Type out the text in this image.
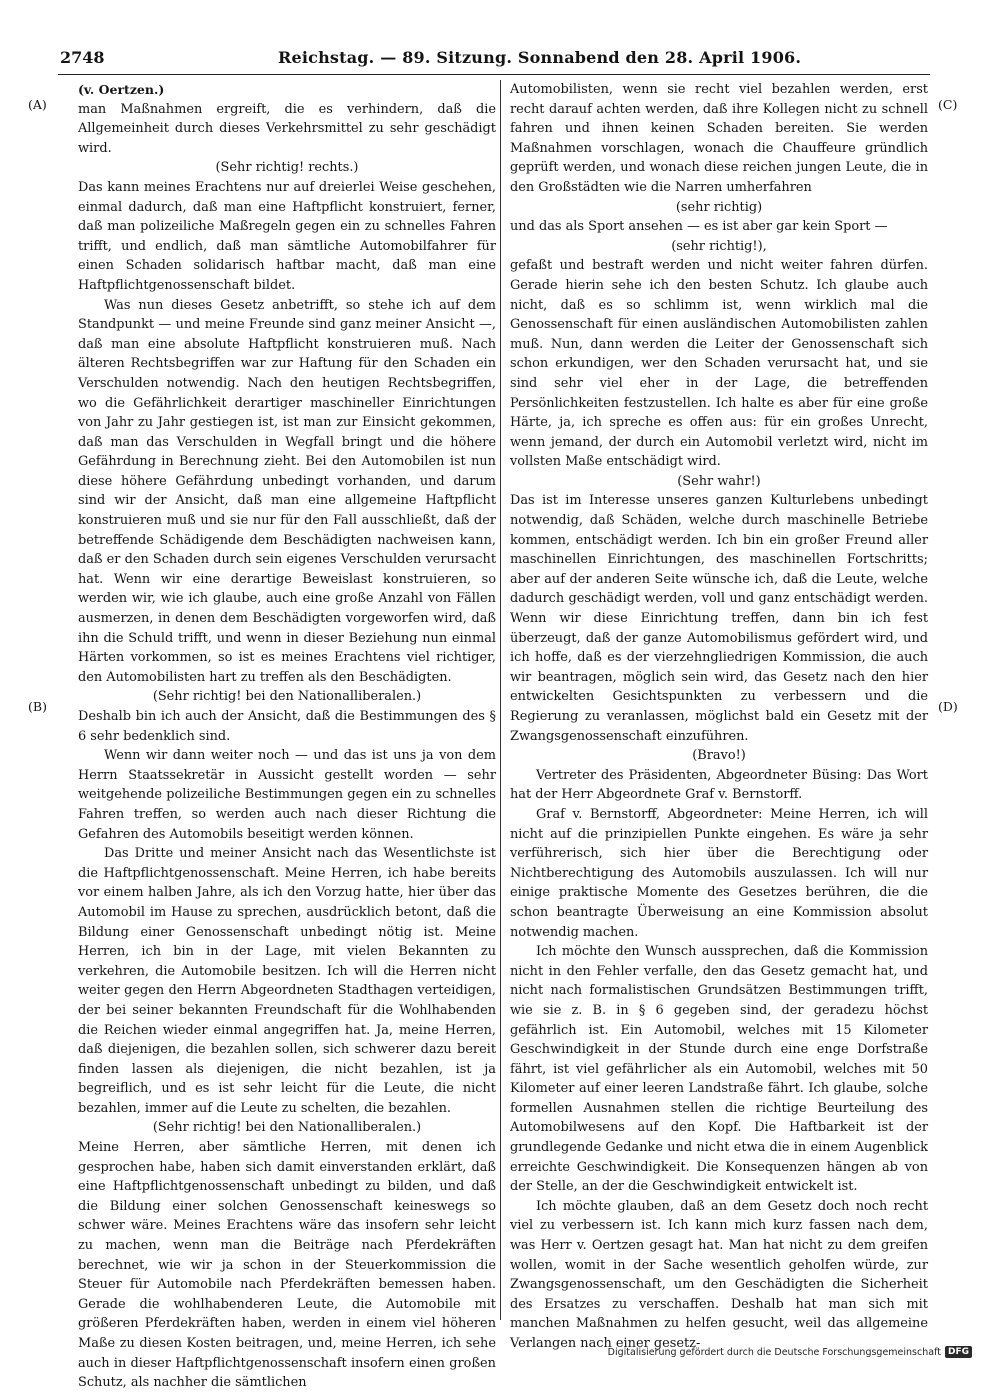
2748	Reichstag. — 89. Sitzung. Sonnabend den 28. April 1906.
(A)
(B)
(C)
(D)

(v. Oertzen.)

man Maßnahmen ergreift, die es verhindern, daß die Allgemeinheit durch dieses Verkehrsmittel zu sehr geschädigt wird.

(Sehr richtig! rechts.)

Das kann meines Erachtens nur auf dreierlei Weise geschehen, einmal dadurch, daß man eine Haftpflicht konstruiert, ferner, daß man polizeiliche Maßregeln gegen ein zu schnelles Fahren trifft, und endlich, daß man sämtliche Automobilfahrer für einen Schaden solidarisch haftbar macht, daß man eine Haftpflichtgenossenschaft bildet.

Was nun dieses Gesetz anbetrifft, so stehe ich auf dem Standpunkt — und meine Freunde sind ganz meiner Ansicht —, daß man eine absolute Haftpflicht konstruieren muß. Nach älteren Rechtsbegriffen war zur Haftung für den Schaden ein Verschulden notwendig. Nach den heutigen Rechtsbegriffen, wo die Gefährlichkeit derartiger maschineller Einrichtungen von Jahr zu Jahr gestiegen ist, ist man zur Einsicht gekommen, daß man das Verschulden in Wegfall bringt und die höhere Gefährdung in Berechnung zieht. Bei den Automobilen ist nun diese höhere Gefährdung unbedingt vorhanden, und darum sind wir der Ansicht, daß man eine allgemeine Haftpflicht konstruieren muß und sie nur für den Fall ausschließt, daß der betreffende Schädigende dem Beschädigten nachweisen kann, daß er den Schaden durch sein eigenes Verschulden verursacht hat. Wenn wir eine derartige Beweislast konstruieren, so werden wir, wie ich glaube, auch eine große Anzahl von Fällen ausmerzen, in denen dem Beschädigten vorgeworfen wird, daß ihn die Schuld trifft, und wenn in dieser Beziehung nun einmal Härten vorkommen, so ist es meines Erachtens viel richtiger, den Automobilisten hart zu treffen als den Beschädigten.

(Sehr richtig! bei den Nationalliberalen.)

Deshalb bin ich auch der Ansicht, daß die Bestimmungen des § 6 sehr bedenklich sind.

Wenn wir dann weiter noch — und das ist uns ja von dem Herrn Staatssekretär in Aussicht gestellt worden — sehr weitgehende polizeiliche Bestimmungen gegen ein zu schnelles Fahren treffen, so werden auch nach dieser Richtung die Gefahren des Automobils beseitigt werden können.

Das Dritte und meiner Ansicht nach das Wesentlichste ist die Haftpflichtgenossenschaft. Meine Herren, ich habe bereits vor einem halben Jahre, als ich den Vorzug hatte, hier über das Automobil im Hause zu sprechen, ausdrücklich betont, daß die Bildung einer Genossenschaft unbedingt nötig ist. Meine Herren, ich bin in der Lage, mit vielen Bekannten zu verkehren, die Automobile besitzen. Ich will die Herren nicht weiter gegen den Herrn Abgeordneten Stadthagen verteidigen, der bei seiner bekannten Freundschaft für die Wohlhabenden die Reichen wieder einmal angegriffen hat. Ja, meine Herren, daß diejenigen, die bezahlen sollen, sich schwerer dazu bereit finden lassen als diejenigen, die nicht bezahlen, ist ja begreiflich, und es ist sehr leicht für die Leute, die nicht bezahlen, immer auf die Leute zu schelten, die bezahlen.

(Sehr richtig! bei den Nationalliberalen.)

Meine Herren, aber sämtliche Herren, mit denen ich gesprochen habe, haben sich damit einverstanden erklärt, daß eine Haftpflichtgenossenschaft unbedingt zu bilden, und daß die Bildung einer solchen Genossenschaft keineswegs so schwer wäre. Meines Erachtens wäre das insofern sehr leicht zu machen, wenn man die Beiträge nach Pferdekräften berechnet, wie wir ja schon in der Steuerkommission die Steuer für Automobile nach Pferdekräften bemessen haben. Gerade die wohlhabenderen Leute, die Automobile mit größeren Pferdekräften haben, werden in einem viel höheren Maße zu diesen Kosten beitragen, und, meine Herren, ich sehe auch in dieser Haftpflichtgenossenschaft insofern einen großen Schutz, als nachher die sämtlichen

Automobilisten, wenn sie recht viel bezahlen werden, erst recht darauf achten werden, daß ihre Kollegen nicht zu schnell fahren und ihnen keinen Schaden bereiten. Sie werden Maßnahmen vorschlagen, wonach die Chauffeure gründlich geprüft werden, und wonach diese reichen jungen Leute, die in den Großstädten wie die Narren umherfahren

(sehr richtig)

und das als Sport ansehen — es ist aber gar kein Sport —

(sehr richtig!),

gefaßt und bestraft werden und nicht weiter fahren dürfen. Gerade hierin sehe ich den besten Schutz. Ich glaube auch nicht, daß es so schlimm ist, wenn wirklich mal die Genossenschaft für einen ausländischen Automobilisten zahlen muß. Nun, dann werden die Leiter der Genossenschaft sich schon erkundigen, wer den Schaden verursacht hat, und sie sind sehr viel eher in der Lage, die betreffenden Persönlichkeiten festzustellen. Ich halte es aber für eine große Härte, ja, ich spreche es offen aus: für ein großes Unrecht, wenn jemand, der durch ein Automobil verletzt wird, nicht im vollsten Maße entschädigt wird.

(Sehr wahr!)

Das ist im Interesse unseres ganzen Kulturlebens unbedingt notwendig, daß Schäden, welche durch maschinelle Betriebe kommen, entschädigt werden. Ich bin ein großer Freund aller maschinellen Einrichtungen, des maschinellen Fortschritts; aber auf der anderen Seite wünsche ich, daß die Leute, welche dadurch geschädigt werden, voll und ganz entschädigt werden. Wenn wir diese Einrichtung treffen, dann bin ich fest überzeugt, daß der ganze Automobilismus gefördert wird, und ich hoffe, daß es der vierzehngliedrigen Kommission, die auch wir beantragen, möglich sein wird, das Gesetz nach den hier entwickelten Gesichtspunkten zu verbessern und die Regierung zu veranlassen, möglichst bald ein Gesetz mit der Zwangsgenossenschaft einzuführen.

(Bravo!)

Vertreter des Präsidenten, Abgeordneter Büsing: Das Wort hat der Herr Abgeordnete Graf v. Bernstorff.

Graf v. Bernstorff, Abgeordneter: Meine Herren, ich will nicht auf die prinzipiellen Punkte eingehen. Es wäre ja sehr verführerisch, sich hier über die Berechtigung oder Nichtberechtigung des Automobils auszulassen. Ich will nur einige praktische Momente des Gesetzes berühren, die die schon beantragte Überweisung an eine Kommission absolut notwendig machen.

Ich möchte den Wunsch aussprechen, daß die Kommission nicht in den Fehler verfalle, den das Gesetz gemacht hat, und nicht nach formalistischen Grundsätzen Bestimmungen trifft, wie sie z. B. in § 6 gegeben sind, der geradezu höchst gefährlich ist. Ein Automobil, welches mit 15 Kilometer Geschwindigkeit in der Stunde durch eine enge Dorfstraße fährt, ist viel gefährlicher als ein Automobil, welches mit 50 Kilometer auf einer leeren Landstraße fährt. Ich glaube, solche formellen Ausnahmen stellen die richtige Beurteilung des Automobilwesens auf den Kopf. Die Haftbarkeit ist der grundlegende Gedanke und nicht etwa die in einem Augenblick erreichte Geschwindigkeit. Die Konsequenzen hängen ab von der Stelle, an der die Geschwindigkeit entwickelt ist.

Ich möchte glauben, daß an dem Gesetz doch noch recht viel zu verbessern ist. Ich kann mich kurz fassen nach dem, was Herr v. Oertzen gesagt hat. Man hat nicht zu dem greifen wollen, womit in der Sache wesentlich geholfen würde, zur Zwangsgenossenschaft, um den Geschädigten die Sicherheit des Ersatzes zu verschaffen. Deshalb hat man sich mit manchen Maßnahmen zu helfen gesucht, weil das allgemeine Verlangen nach einer gesetz-

Digitalisierung gefördert durch die Deutsche Forschungsgemeinschaft DFG
